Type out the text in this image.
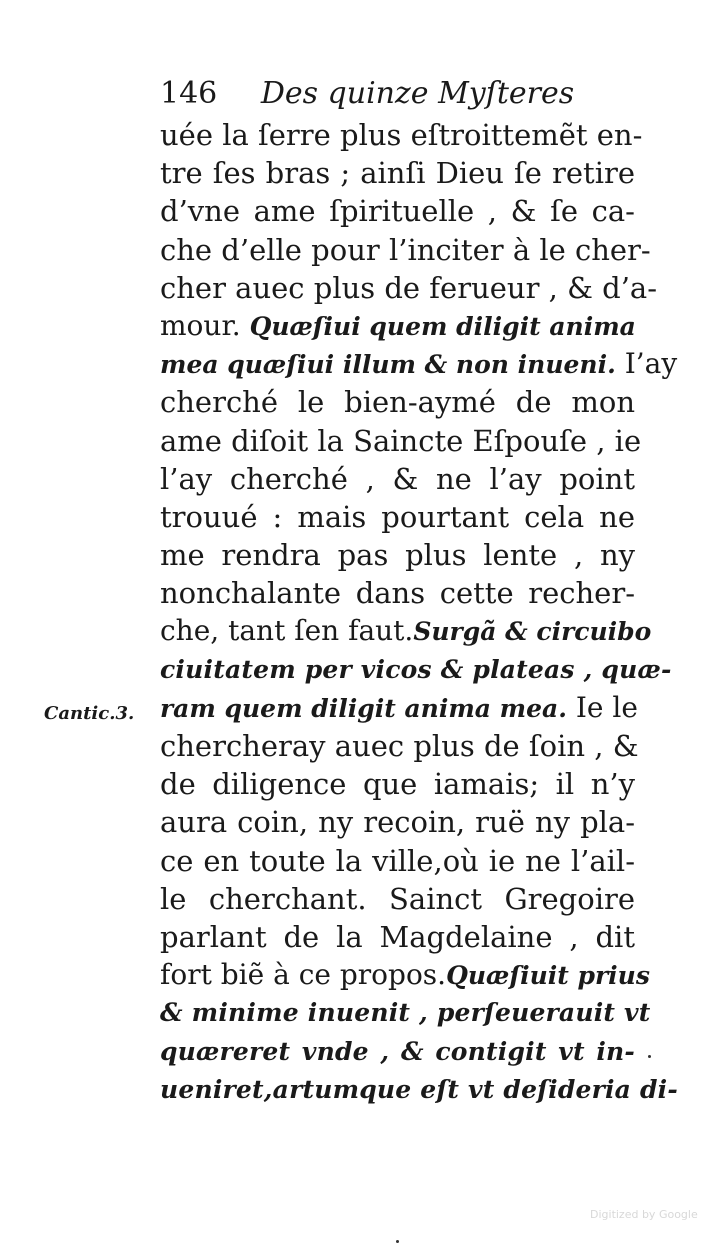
146 Des quinze Myſteres
uée la ſerre plus eſtroittemẽt en-
tre ſes bras ; ainſi Dieu ſe retire
d’vne ame ſpirituelle , & ſe ca-
che d’elle pour l’inciter à le cher-
cher auec plus de ferueur , & d’a-
mour. Quæſiui quem diligit anima
mea quæſiui illum & non inueni. I’ay
cherché le bien-aymé de mon
ame diſoit la Saincte Eſpouſe , ie
l’ay cherché , & ne l’ay point
trouué : mais pourtant cela ne
me rendra pas plus lente , ny
nonchalante dans cette recher-
che, tant ſen faut.Surgã & circuibo
ciuitatem per vicos & plateas , quæ-
ram quem diligit anima mea. Ie le
chercheray auec plus de ſoin , &
de diligence que iamais; il n’y
aura coin, ny recoin, ruë ny pla-
ce en toute la ville,où ie ne l’ail-
le cherchant. Sainct Gregoire
parlant de la Magdelaine , dit
fort biẽ à ce propos.Quæſiuit prius
& minime inuenit , perſeuerauit vt
quæreret vnde , & contigit vt in-
ueniret,artumque eſt vt deſideria di-
Cantic.3.
Digitized by Google
